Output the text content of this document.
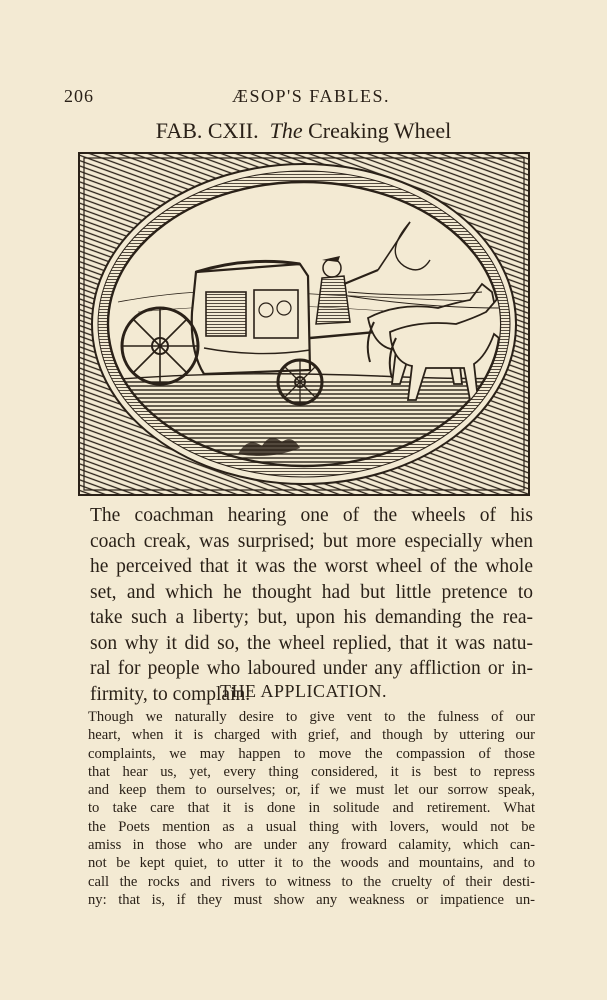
206	ÆSOP'S FABLES.
FAB. CXII. The Creaking Wheel
The coachman hearing one of the wheels of his
coach creak, was surprised; but more especially when
he perceived that it was the worst wheel of the whole
set, and which he thought had but little pretence to
take such a liberty; but, upon his demanding the rea-
son why it did so, the wheel replied, that it was natu-
ral for people who laboured under any affliction or in-
firmity, to complain.
THE APPLICATION.
Though we naturally desire to give vent to the fulness of our
heart, when it is charged with grief, and though by uttering our
complaints, we may happen to move the compassion of those
that hear us, yet, every thing considered, it is best to repress
and keep them to ourselves; or, if we must let our sorrow speak,
to take care that it is done in solitude and retirement. What
the Poets mention as a usual thing with lovers, would not be
amiss in those who are under any froward calamity, which can-
not be kept quiet, to utter it to the woods and mountains, and to
call the rocks and rivers to witness to the cruelty of their desti-
ny: that is, if they must show any weakness or impatience un-
